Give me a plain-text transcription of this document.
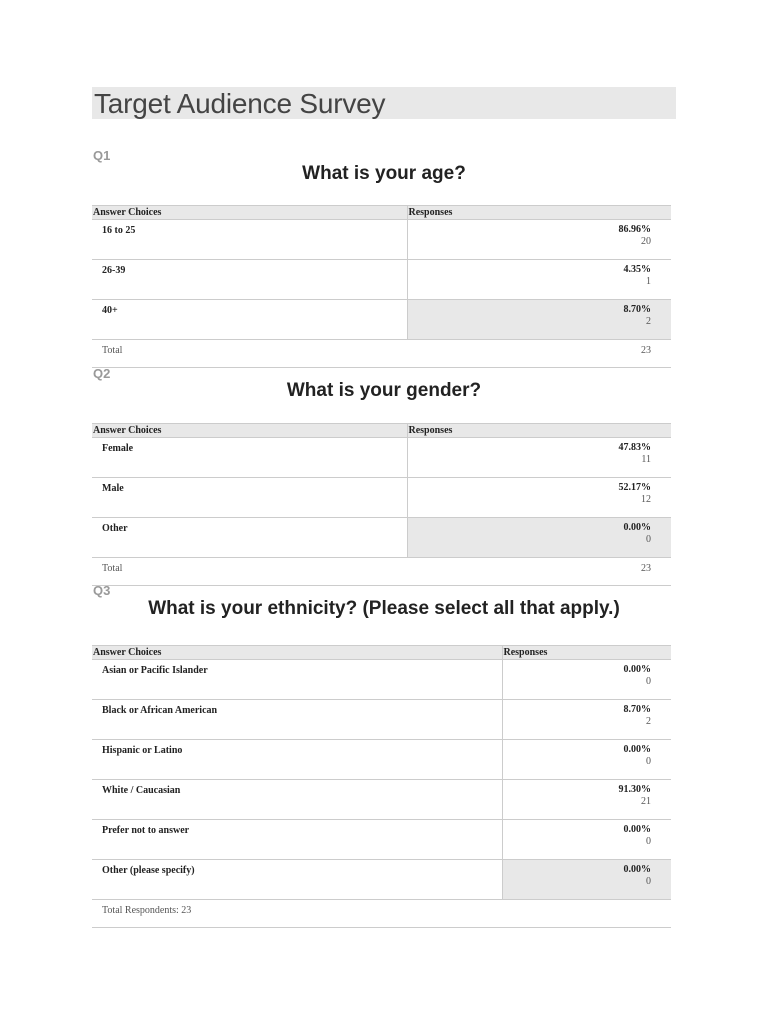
Target Audience Survey
Q1
What is your age?
Answer Choices	Responses
16 to 25	86.96%
20

26-39	4.35%
1

40+	8.70%
2

Total	23
Q2
What is your gender?
Answer Choices	Responses
Female	47.83%
11

Male	52.17%
12

Other	0.00%
0

Total	23
Q3
What is your ethnicity? (Please select all that apply.)
Answer Choices	Responses
Asian or Pacific Islander	0.00%
0

Black or African American	8.70%
2

Hispanic or Latino	0.00%
0

White / Caucasian	91.30%
21

Prefer not to answer	0.00%
0

Other (please specify)	0.00%
0

Total Respondents: 23	
